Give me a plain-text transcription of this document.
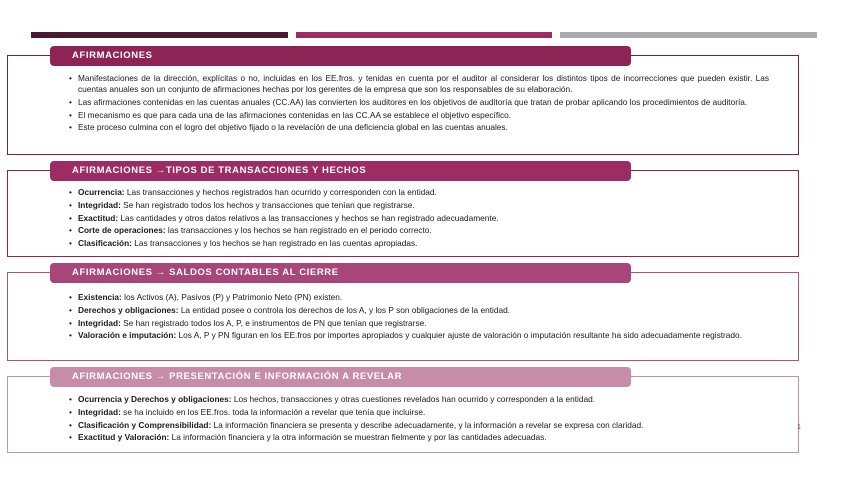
AFIRMACIONES
• Manifestaciones de la dirección, explícitas o no, incluidas en los EE.fros. y tenidas en cuenta por el auditor al considerar los distintos tipos de incorrecciones que pueden existir. Las cuentas anuales son un conjunto de afirmaciones hechas por los gerentes de la empresa que son los responsables de su elaboración.
• Las afirmaciones contenidas en las cuentas anuales (CC.AA) las convierten los auditores en los objetivos de auditoría que tratan de probar aplicando los procedimientos de auditoría.
• El mecanismo es que para cada una de las afirmaciones contenidas en las CC.AA se establece el objetivo específico.
• Este proceso culmina con el logro del objetivo fijado o la revelación de una deficiencia global en las cuentas anuales.
AFIRMACIONES →TIPOS DE TRANSACCIONES Y HECHOS
• Ocurrencia: Las transacciones y hechos registrados han ocurrido y corresponden con la entidad.
• Integridad: Se han registrado todos los hechos y transacciones que tenían que registrarse.
• Exactitud: Las cantidades y otros datos relativos a las transacciones y hechos se han registrado adecuadamente.
• Corte de operaciones: las transacciones y los hechos se han registrado en el periodo correcto.
• Clasificación: Las transacciones y los hechos se han registrado en las cuentas apropiadas.
AFIRMACIONES → SALDOS CONTABLES AL CIERRE
• Existencia: los Activos (A), Pasivos (P) y Patrimonio Neto (PN) existen.
• Derechos y obligaciones: La entidad posee o controla los derechos de los A, y los P son obligaciones de la entidad.
• Integridad: Se han registrado todos los A, P, e instrumentos de PN que tenían que registrarse.
• Valoración e imputación: Los A, P y PN figuran en los EE.fros por importes apropiados y cualquier ajuste de valoración o imputación resultante ha sido adecuadamente registrado.
AFIRMACIONES → PRESENTACIÓN E INFORMACIÓN A REVELAR
• Ocurrencia y Derechos y obligaciones: Los hechos, transacciones y otras cuestiones revelados han ocurrido y corresponden a la entidad.
• Integridad: se ha incluido en los EE.fros. toda la información a revelar que tenía que incluirse.
• Clasificación y Comprensibilidad: La información financiera se presenta y describe adecuadamente, y la información a revelar se expresa con claridad.
• Exactitud y Valoración: La información financiera y la otra información se muestran fielmente y por las cantidades adecuadas.
1
